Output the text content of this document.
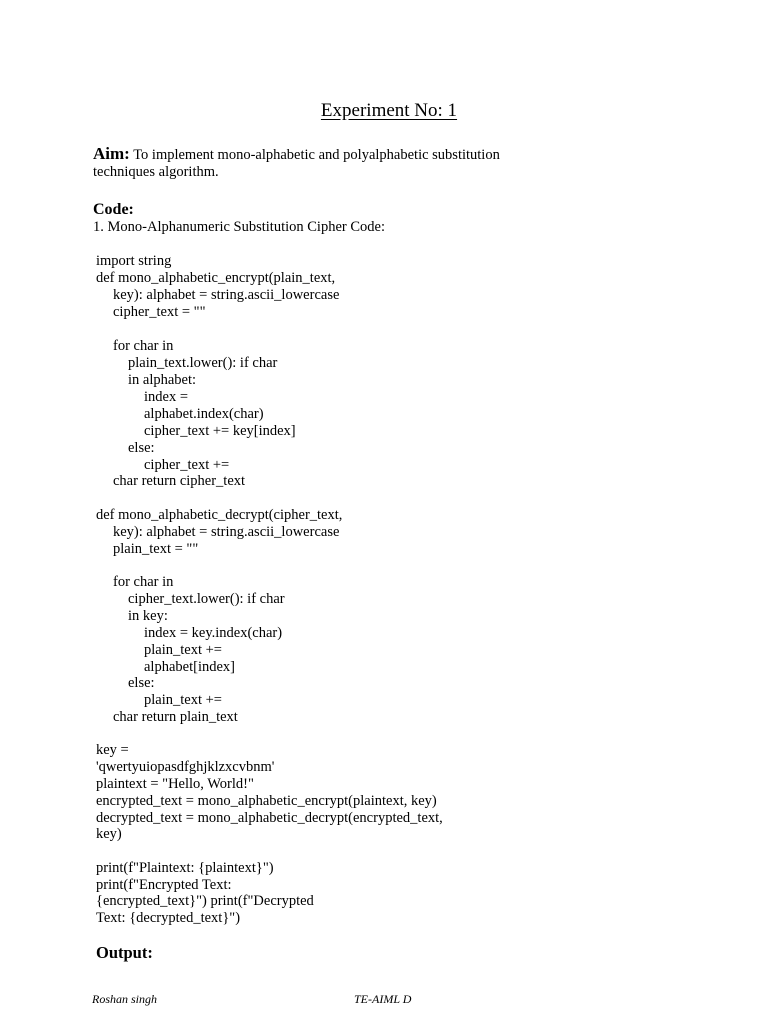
Experiment No: 1
Aim: To implement mono-alphabetic and polyalphabetic substitution techniques algorithm.
Code:
1. Mono-Alphanumeric Substitution Cipher Code:
import string
def mono_alphabetic_encrypt(plain_text,
key): alphabet = string.ascii_lowercase
cipher_text = ""
for char in
plain_text.lower(): if char
in alphabet:
index =
alphabet.index(char)
cipher_text += key[index]
else:
cipher_text +=
char return cipher_text
def mono_alphabetic_decrypt(cipher_text,
key): alphabet = string.ascii_lowercase
plain_text = ""
for char in
cipher_text.lower(): if char
in key:
index = key.index(char)
plain_text +=
alphabet[index]
else:
plain_text +=
char return plain_text
key =
'qwertyuiopasdfghjklzxcvbnm'
plaintext = "Hello, World!"
encrypted_text = mono_alphabetic_encrypt(plaintext, key)
decrypted_text = mono_alphabetic_decrypt(encrypted_text,
key)
print(f"Plaintext: {plaintext}")
print(f"Encrypted Text:
{encrypted_text}") print(f"Decrypted
Text: {decrypted_text}")
Output:
Roshan singh	TE-AIML D
